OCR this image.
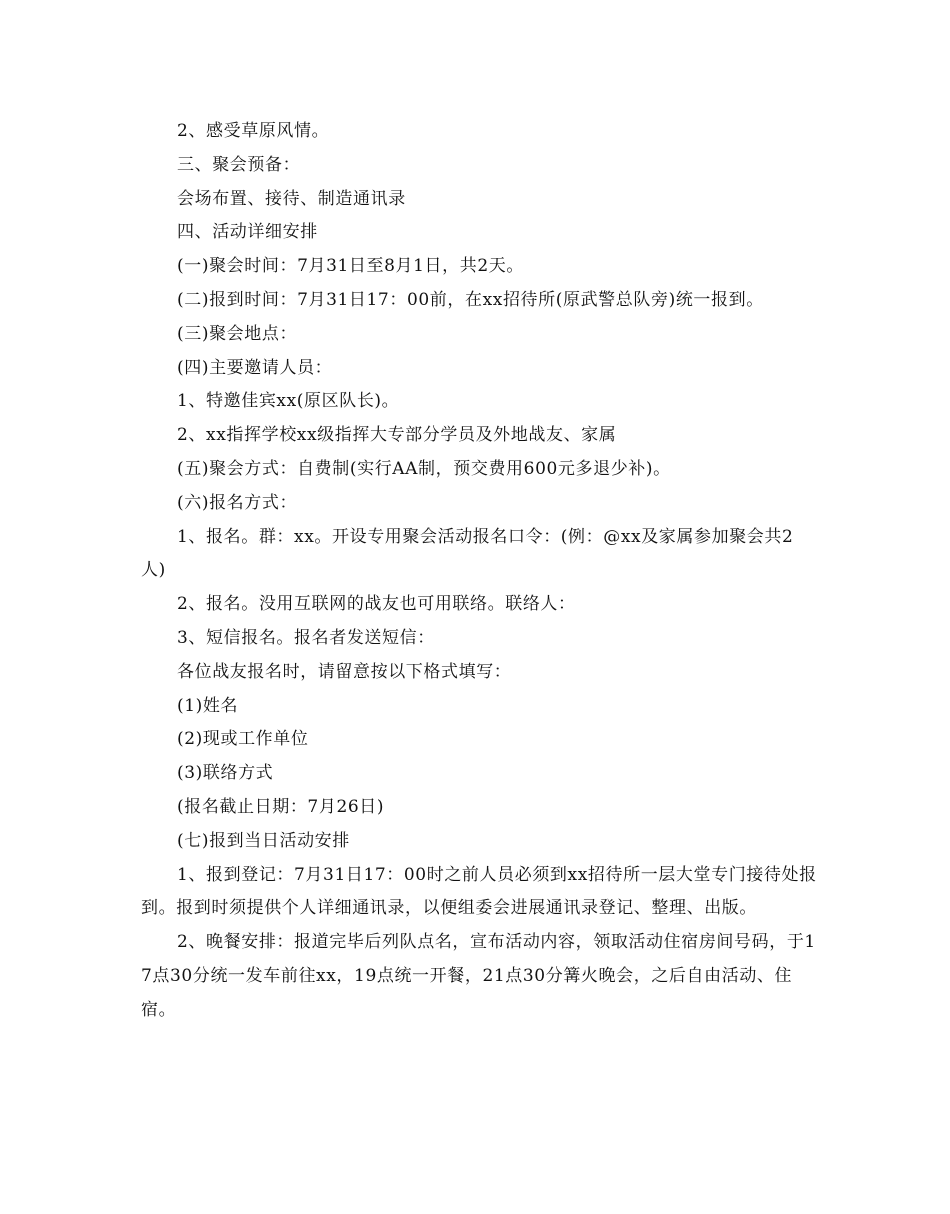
2、感受草原风情。

三、聚会预备：

会场布置、接待、制造通讯录

四、活动详细安排

(一)聚会时间：7月31日至8月1日，共2天。

(二)报到时间：7月31日17：00前，在xx招待所(原武警总队旁)统一报到。

(三)聚会地点：

(四)主要邀请人员：

1、特邀佳宾xx(原区队长)。

2、xx指挥学校xx级指挥大专部分学员及外地战友、家属

(五)聚会方式：自费制(实行AA制，预交费用600元多退少补)。

(六)报名方式：

1、报名。群：xx。开设专用聚会活动报名口令：(例：@xx及家属参加聚会共2人)

2、报名。没用互联网的战友也可用联络。联络人：

3、短信报名。报名者发送短信：

各位战友报名时，请留意按以下格式填写：

(1)姓名

(2)现或工作单位

(3)联络方式

(报名截止日期：7月26日)

(七)报到当日活动安排

1、报到登记：7月31日17：00时之前人员必须到xx招待所一层大堂专门接待处报到。报到时须提供个人详细通讯录，以便组委会进展通讯录登记、整理、出版。

2、晚餐安排：报道完毕后列队点名，宣布活动内容，领取活动住宿房间号码，于17点30分统一发车前往xx，19点统一开餐，21点30分篝火晚会，之后自由活动、住宿。
